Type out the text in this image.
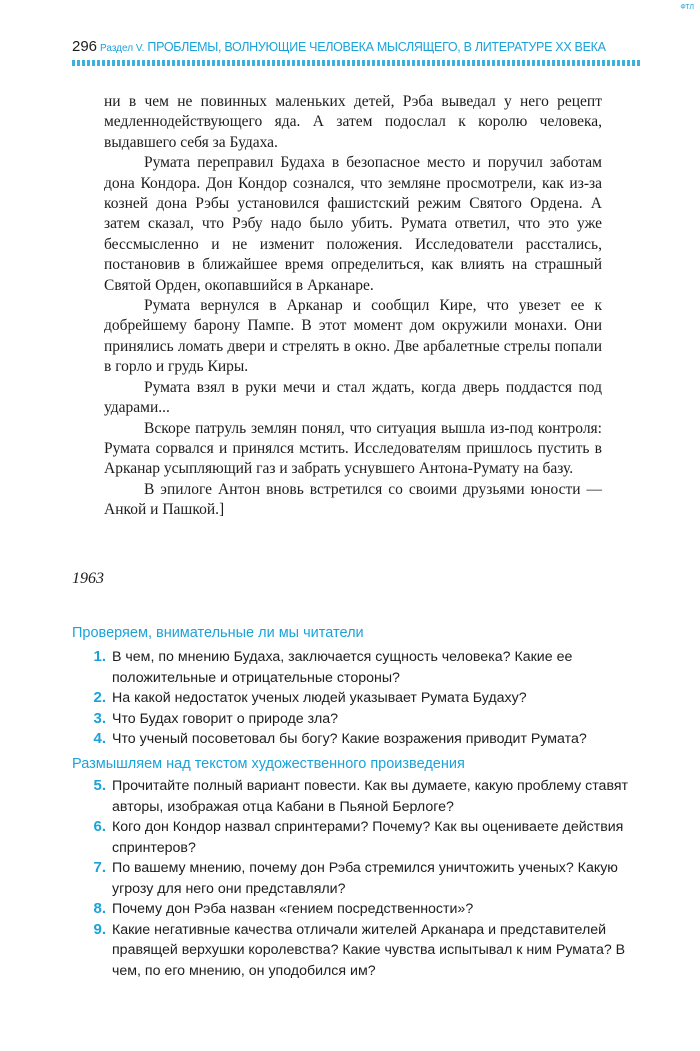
ФТЛ
296 Раздел V. ПРОБЛЕМЫ, ВОЛНУЮЩИЕ ЧЕЛОВЕКА МЫСЛЯЩЕГО, В ЛИТЕРАТУРЕ XX ВЕКА

ни в чем не повинных маленьких детей, Рэба выведал у него рецепт медленнодействующего яда. А затем подослал к королю человека, выдавшего себя за Будаха.

Румата переправил Будаха в безопасное место и поручил заботам дона Кондора. Дон Кондор сознался, что земляне просмотрели, как из-за козней дона Рэбы установился фашистский режим Святого Ордена. А затем сказал, что Рэбу надо было убить. Румата ответил, что это уже бессмысленно и не изменит положения. Исследователи расстались, постановив в ближайшее время определиться, как влиять на страшный Святой Орден, окопавшийся в Арканаре.

Румата вернулся в Арканар и сообщил Кире, что увезет ее к добрейшему барону Пампе. В этот момент дом окружили монахи. Они принялись ломать двери и стрелять в окно. Две арбалетные стрелы попали в горло и грудь Киры.

Румата взял в руки мечи и стал ждать, когда дверь поддастся под ударами...

Вскоре патруль землян понял, что ситуация вышла из-под контроля: Румата сорвался и принялся мстить. Исследователям пришлось пустить в Арканар усыпляющий газ и забрать уснувшего Антона-Румату на базу.

В эпилоге Антон вновь встретился со своими друзьями юности — Анкой и Пашкой.]

1963
Проверяем, внимательные ли мы читатели
1. В чем, по мнению Будаха, заключается сущность человека? Какие ее положительные и отрицательные стороны?
2. На какой недостаток ученых людей указывает Румата Будаху?
3. Что Будах говорит о природе зла?
4. Что ученый посоветовал бы богу? Какие возражения приводит Румата?
Размышляем над текстом художественного произведения
5. Прочитайте полный вариант повести. Как вы думаете, какую проблему ставят авторы, изображая отца Кабани в Пьяной Берлоге?
6. Кого дон Кондор назвал спринтерами? Почему? Как вы оцениваете действия спринтеров?
7. По вашему мнению, почему дон Рэба стремился уничтожить ученых? Какую угрозу для него они представляли?
8. Почему дон Рэба назван «гением посредственности»?
9. Какие негативные качества отличали жителей Арканара и представителей правящей верхушки королевства? Какие чувства испытывал к ним Румата? В чем, по его мнению, он уподобился им?
